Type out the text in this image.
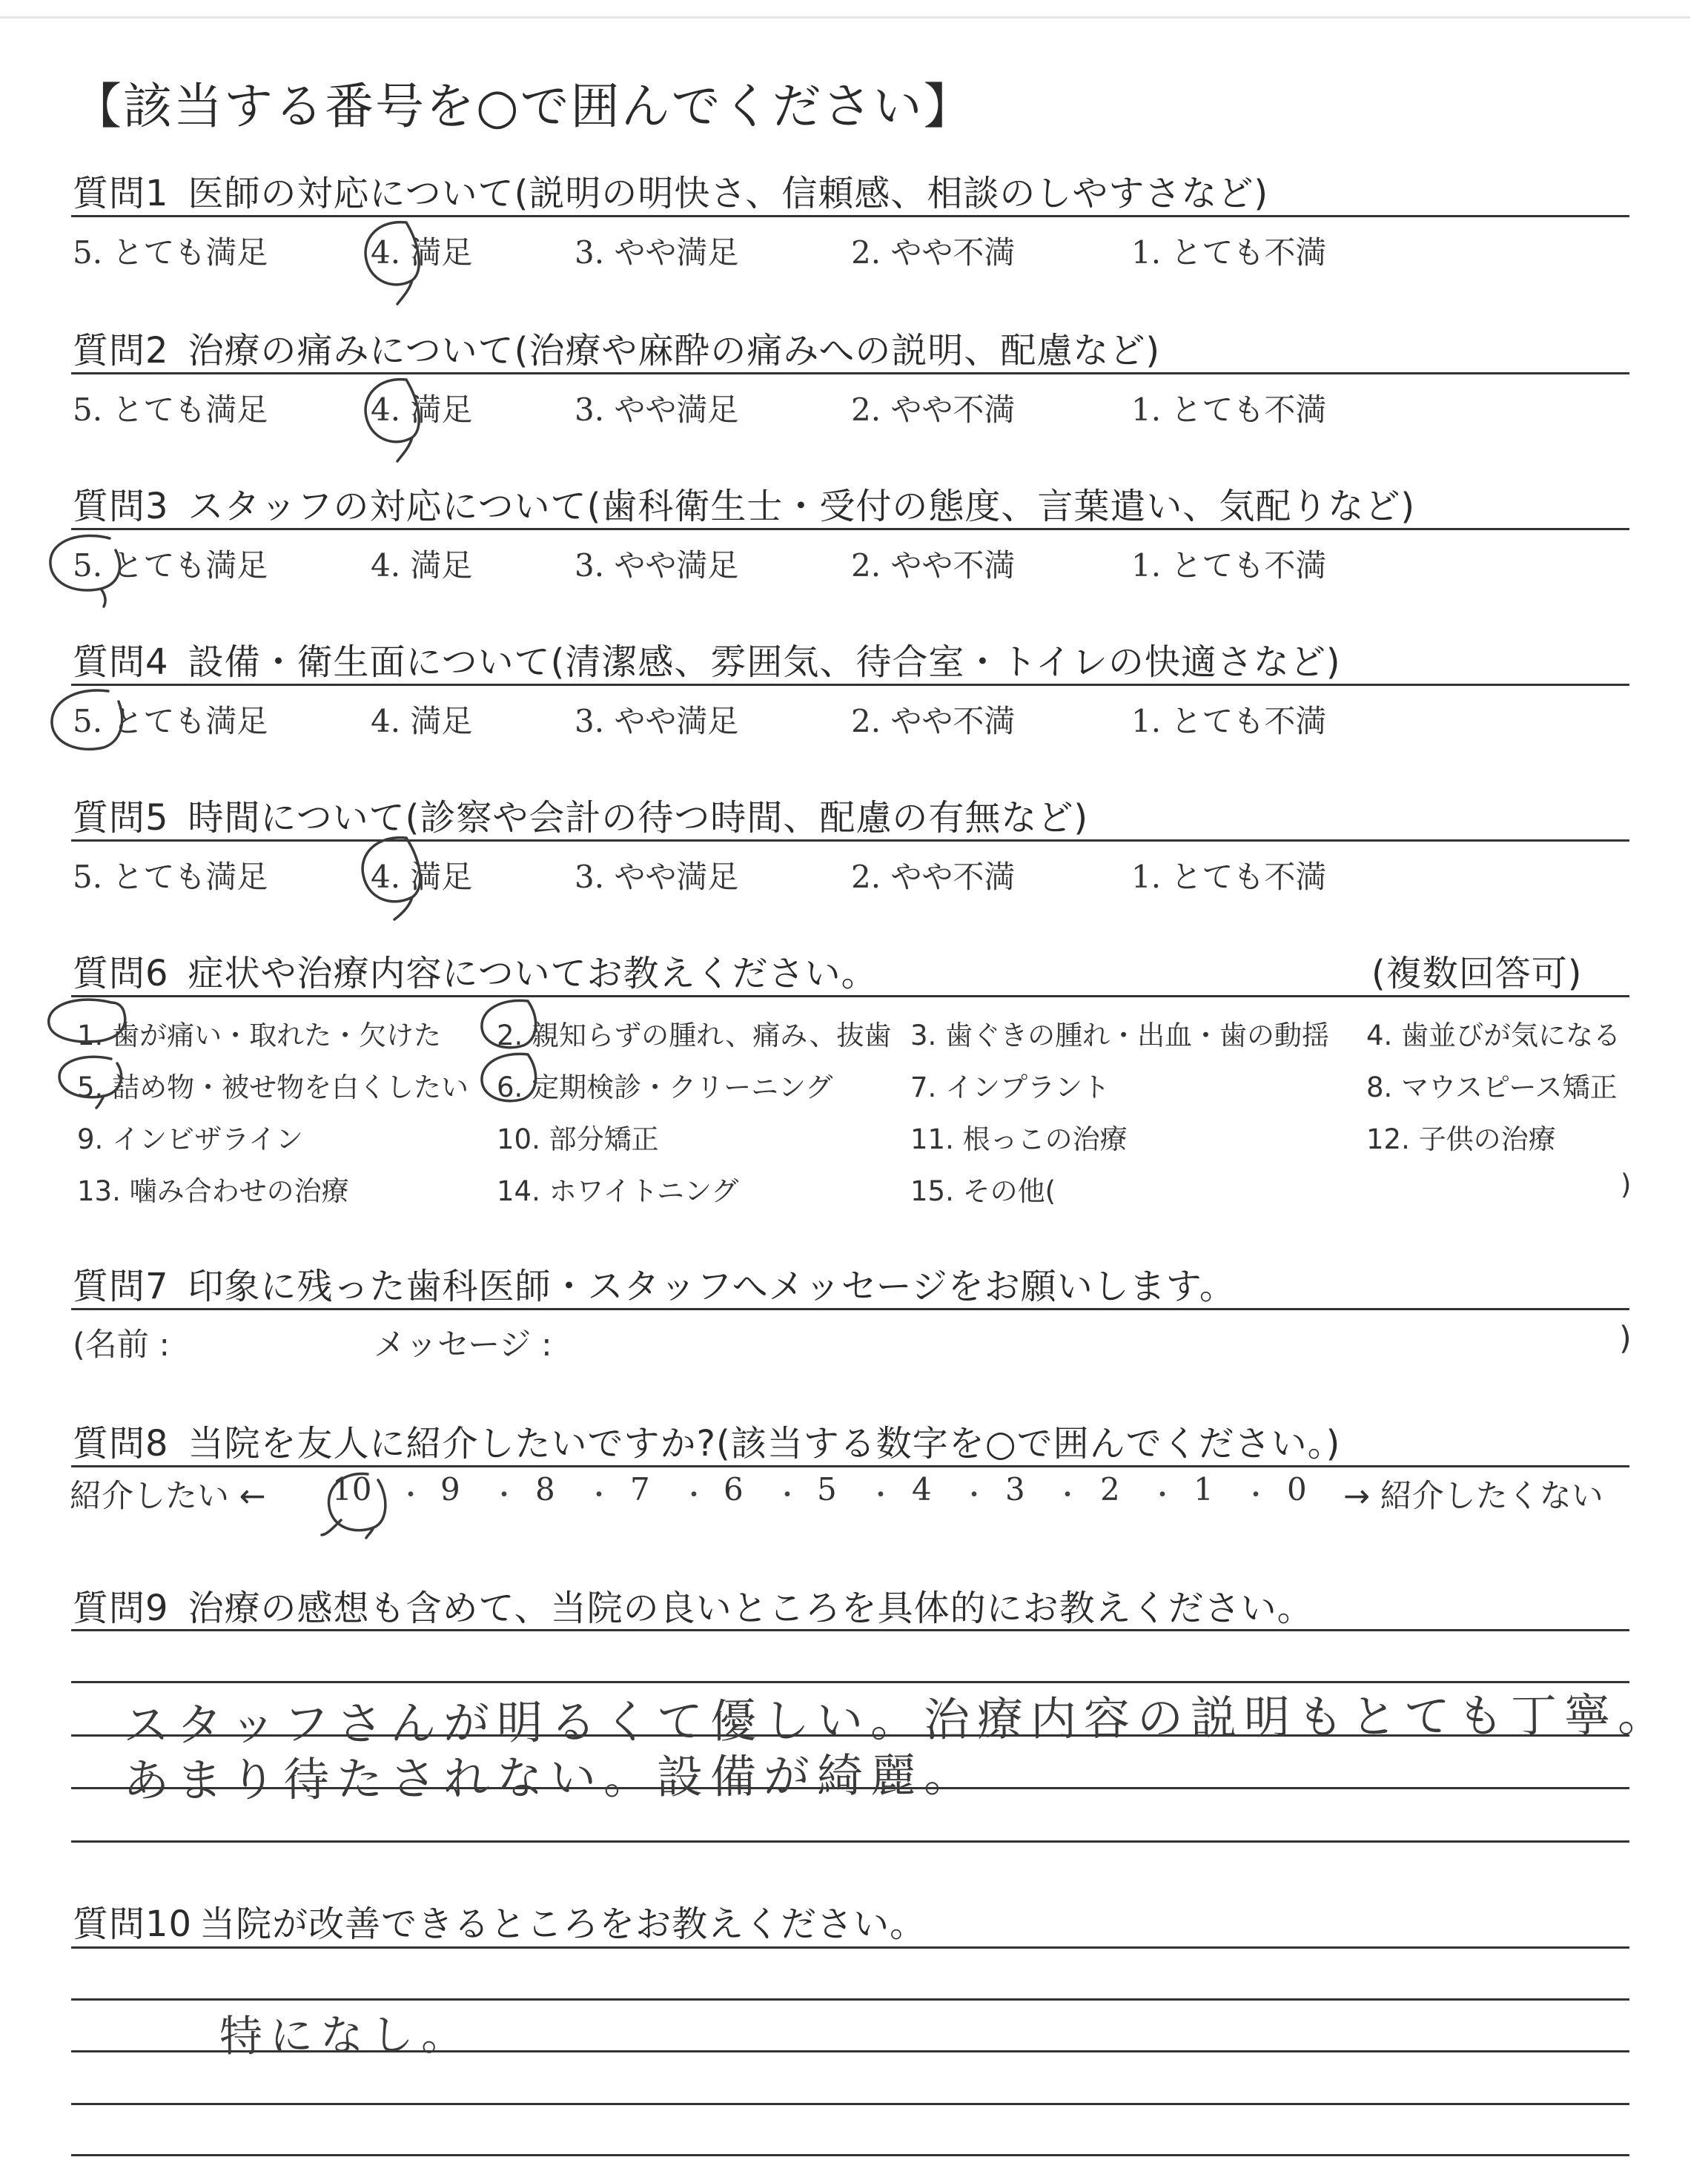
【該当する番号を○で囲んでください】
質問1 医師の対応について(説明の明快さ、信頼感、相談のしやすさなど)
5. とても満足	4. 満足	3. やや満足	2. やや不満	1. とても不満
質問2 治療の痛みについて(治療や麻酔の痛みへの説明、配慮など)
5. とても満足	4. 満足	3. やや満足	2. やや不満	1. とても不満
質問3 スタッフの対応について(歯科衛生士・受付の態度、言葉遣い、気配りなど)
5. とても満足	4. 満足	3. やや満足	2. やや不満	1. とても不満
質問4 設備・衛生面について(清潔感、雰囲気、待合室・トイレの快適さなど)
5. とても満足	4. 満足	3. やや満足	2. やや不満	1. とても不満
質問5 時間について(診察や会計の待つ時間、配慮の有無など)
5. とても満足	4. 満足	3. やや満足	2. やや不満	1. とても不満
質問6 症状や治療内容についてお教えください。	(複数回答可)
1. 歯が痛い・取れた・欠けた 2. 親知らずの腫れ、痛み、抜歯 3. 歯ぐきの腫れ・出血・歯の動揺 4. 歯並びが気になる
5. 詰め物・被せ物を白くしたい 6. 定期検診・クリーニング	7. インプラント	8. マウスピース矯正
9. インビザライン	10. 部分矯正	11. 根っこの治療	12. 子供の治療
13. 噛み合わせの治療	14. ホワイトニング	15. その他(	)
質問7 印象に残った歯科医師・スタッフへメッセージをお願いします。
(名前 :	メッセージ :	)
質問8 当院を友人に紹介したいですか?(該当する数字を○で囲んでください。)
紹介したい ←	→ 紹介したくない
10 ・ 9 ・ 8 ・ 7 ・ 6 ・ 5 ・ 4 ・ 3 ・ 2 ・ 1 ・ 0
質問9 治療の感想も含めて、当院の良いところを具体的にお教えください。
スタッフさんが明るくて優しい。治療内容の説明もとても丁寧。
あまり待たされない。設備が綺麗。
質問10 当院が改善できるところをお教えください。
特になし。
